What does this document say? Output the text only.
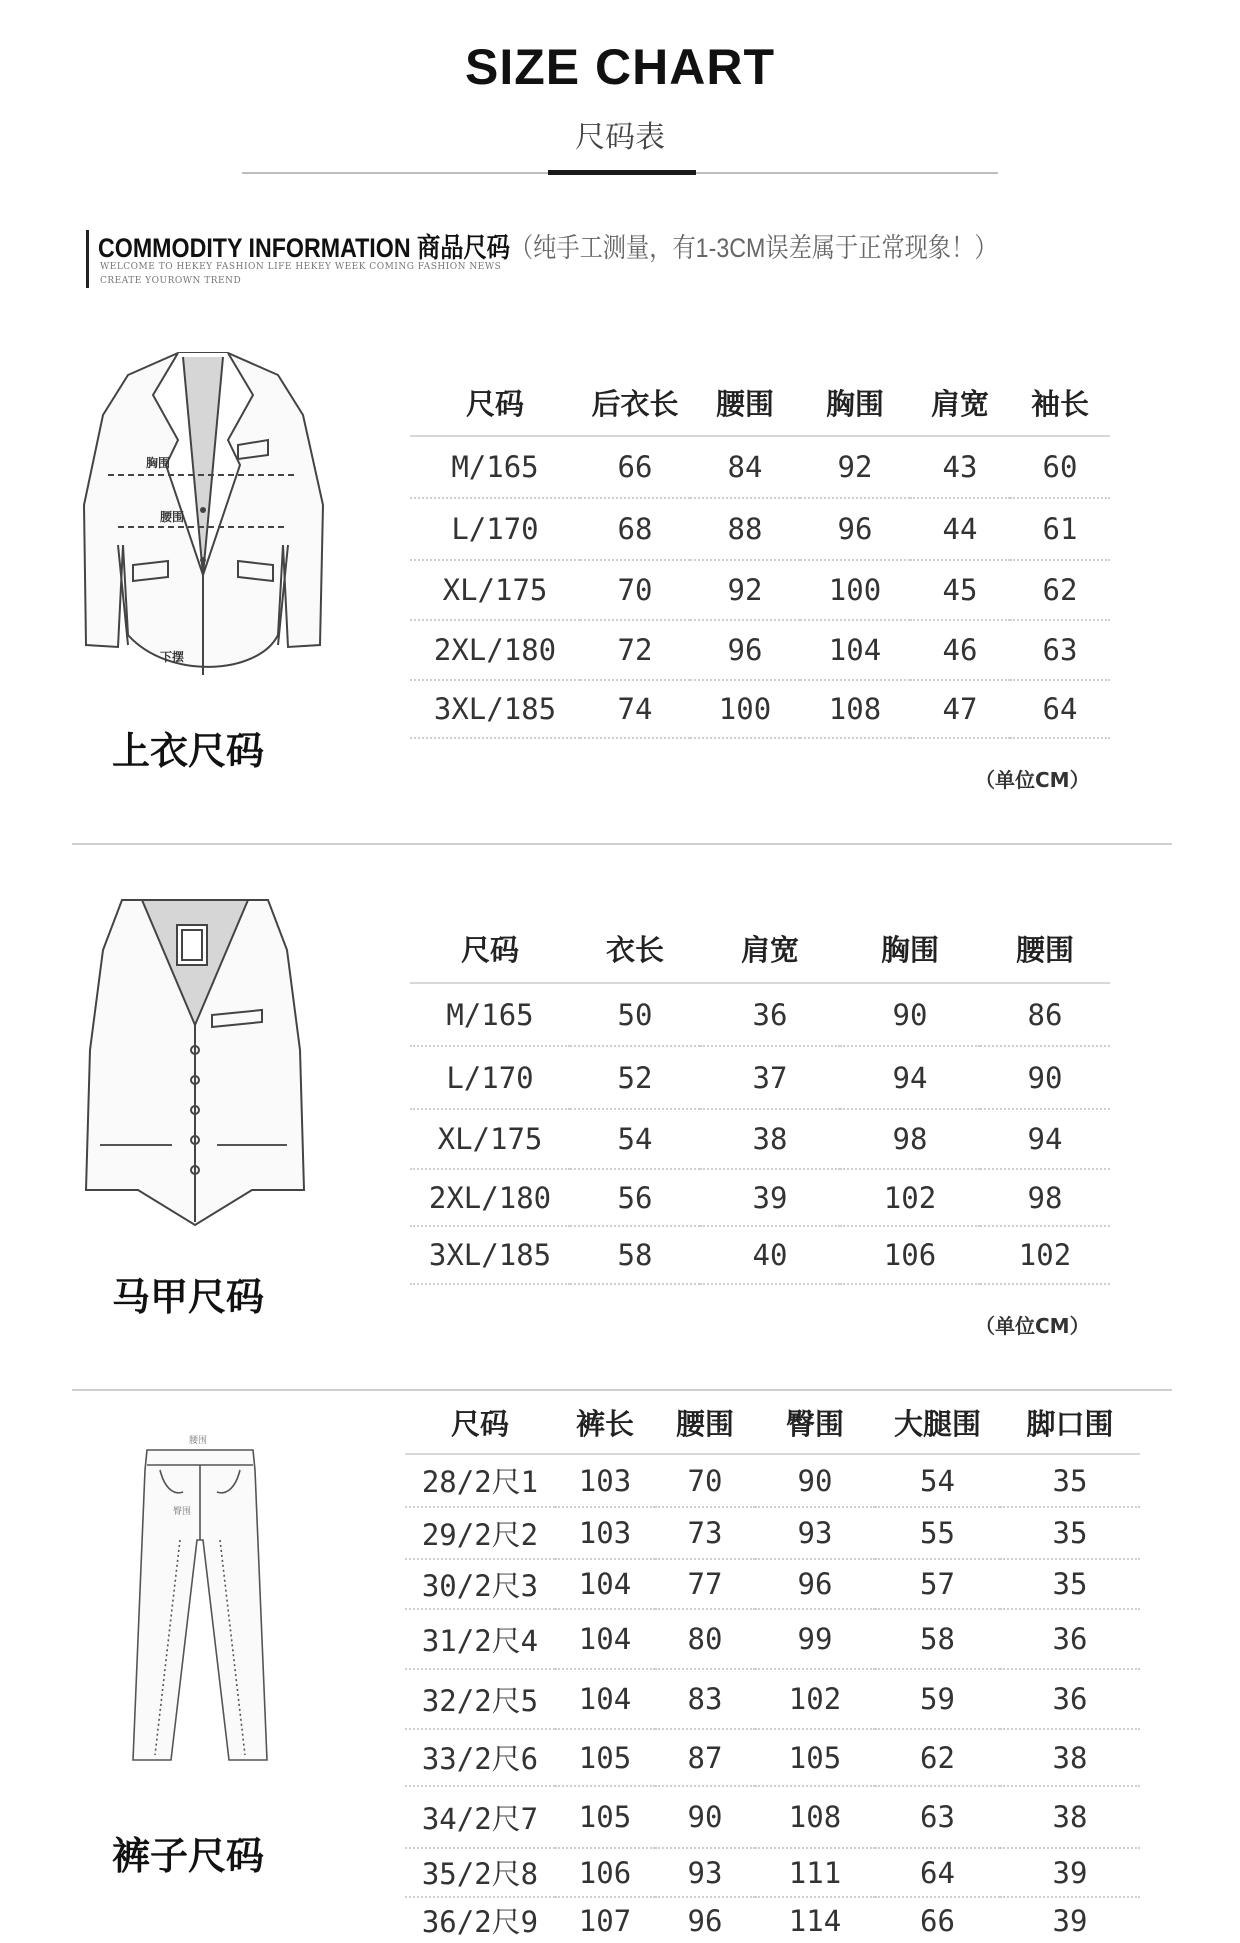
SIZE CHART
尺码表
COMMODITY INFORMATION 商品尺码（纯手工测量，有1-3CM误差属于正常现象！）
WELCOME TO HEKEY FASHION LIFE HEKEY WEEK COMING FASHION NEWS
CREATE YOUROWN TREND
胸围
腰围
下摆
上衣尺码
尺码	后衣长	腰围	胸围	肩宽	袖长
M/165	66	84	92	43	60
L/170	68	88	96	44	61
XL/175	70	92	100	45	62
2XL/180	72	96	104	46	63
3XL/185	74	100	108	47	64
（单位CM）
马甲尺码
尺码	衣长	肩宽	胸围	腰围
M/165	50	36	90	86
L/170	52	37	94	90
XL/175	54	38	98	94
2XL/180	56	39	102	98
3XL/185	58	40	106	102
（单位CM）
腰围
臀围
裤子尺码
尺码	裤长	腰围	臀围	大腿围	脚口围
28/2尺1	103	70	90	54	35
29/2尺2	103	73	93	55	35
30/2尺3	104	77	96	57	35
31/2尺4	104	80	99	58	36
32/2尺5	104	83	102	59	36
33/2尺6	105	87	105	62	38
34/2尺7	105	90	108	63	38
35/2尺8	106	93	111	64	39
36/2尺9	107	96	114	66	39
